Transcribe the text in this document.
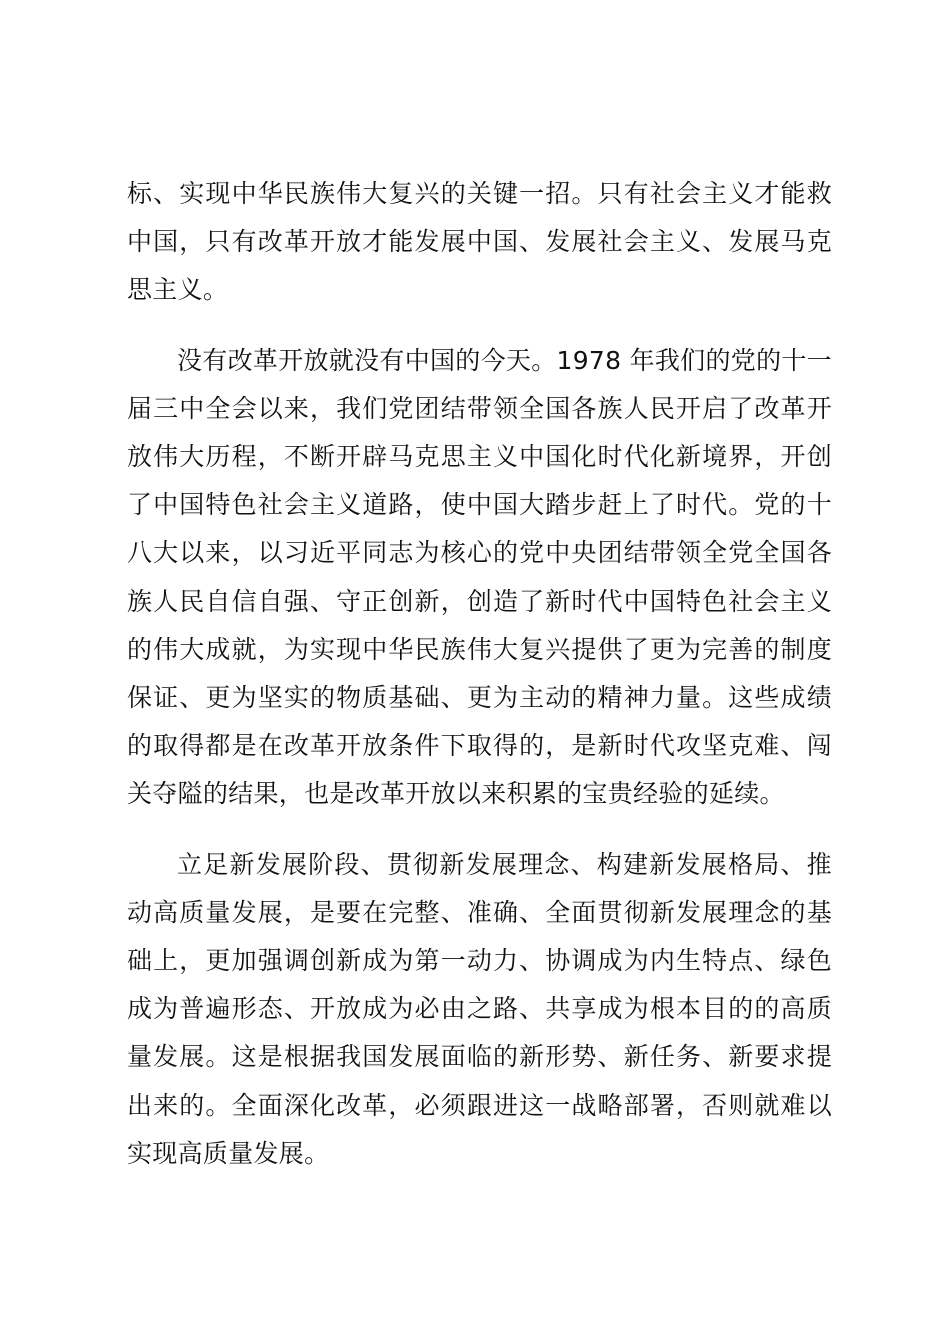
标、实现中华民族伟大复兴的关键一招。只有社会主义才能救中国，只有改革开放才能发展中国、发展社会主义、发展马克思主义。

没有改革开放就没有中国的今天。1978 年我们的党的十一届三中全会以来，我们党团结带领全国各族人民开启了改革开放伟大历程，不断开辟马克思主义中国化时代化新境界，开创了中国特色社会主义道路，使中国大踏步赶上了时代。党的十八大以来，以习近平同志为核心的党中央团结带领全党全国各族人民自信自强、守正创新，创造了新时代中国特色社会主义的伟大成就，为实现中华民族伟大复兴提供了更为完善的制度保证、更为坚实的物质基础、更为主动的精神力量。这些成绩的取得都是在改革开放条件下取得的，是新时代攻坚克难、闯关夺隘的结果，也是改革开放以来积累的宝贵经验的延续。

立足新发展阶段、贯彻新发展理念、构建新发展格局、推动高质量发展，是要在完整、准确、全面贯彻新发展理念的基础上，更加强调创新成为第一动力、协调成为内生特点、绿色成为普遍形态、开放成为必由之路、共享成为根本目的的高质量发展。这是根据我国发展面临的新形势、新任务、新要求提出来的。全面深化改革，必须跟进这一战略部署，否则就难以实现高质量发展。
